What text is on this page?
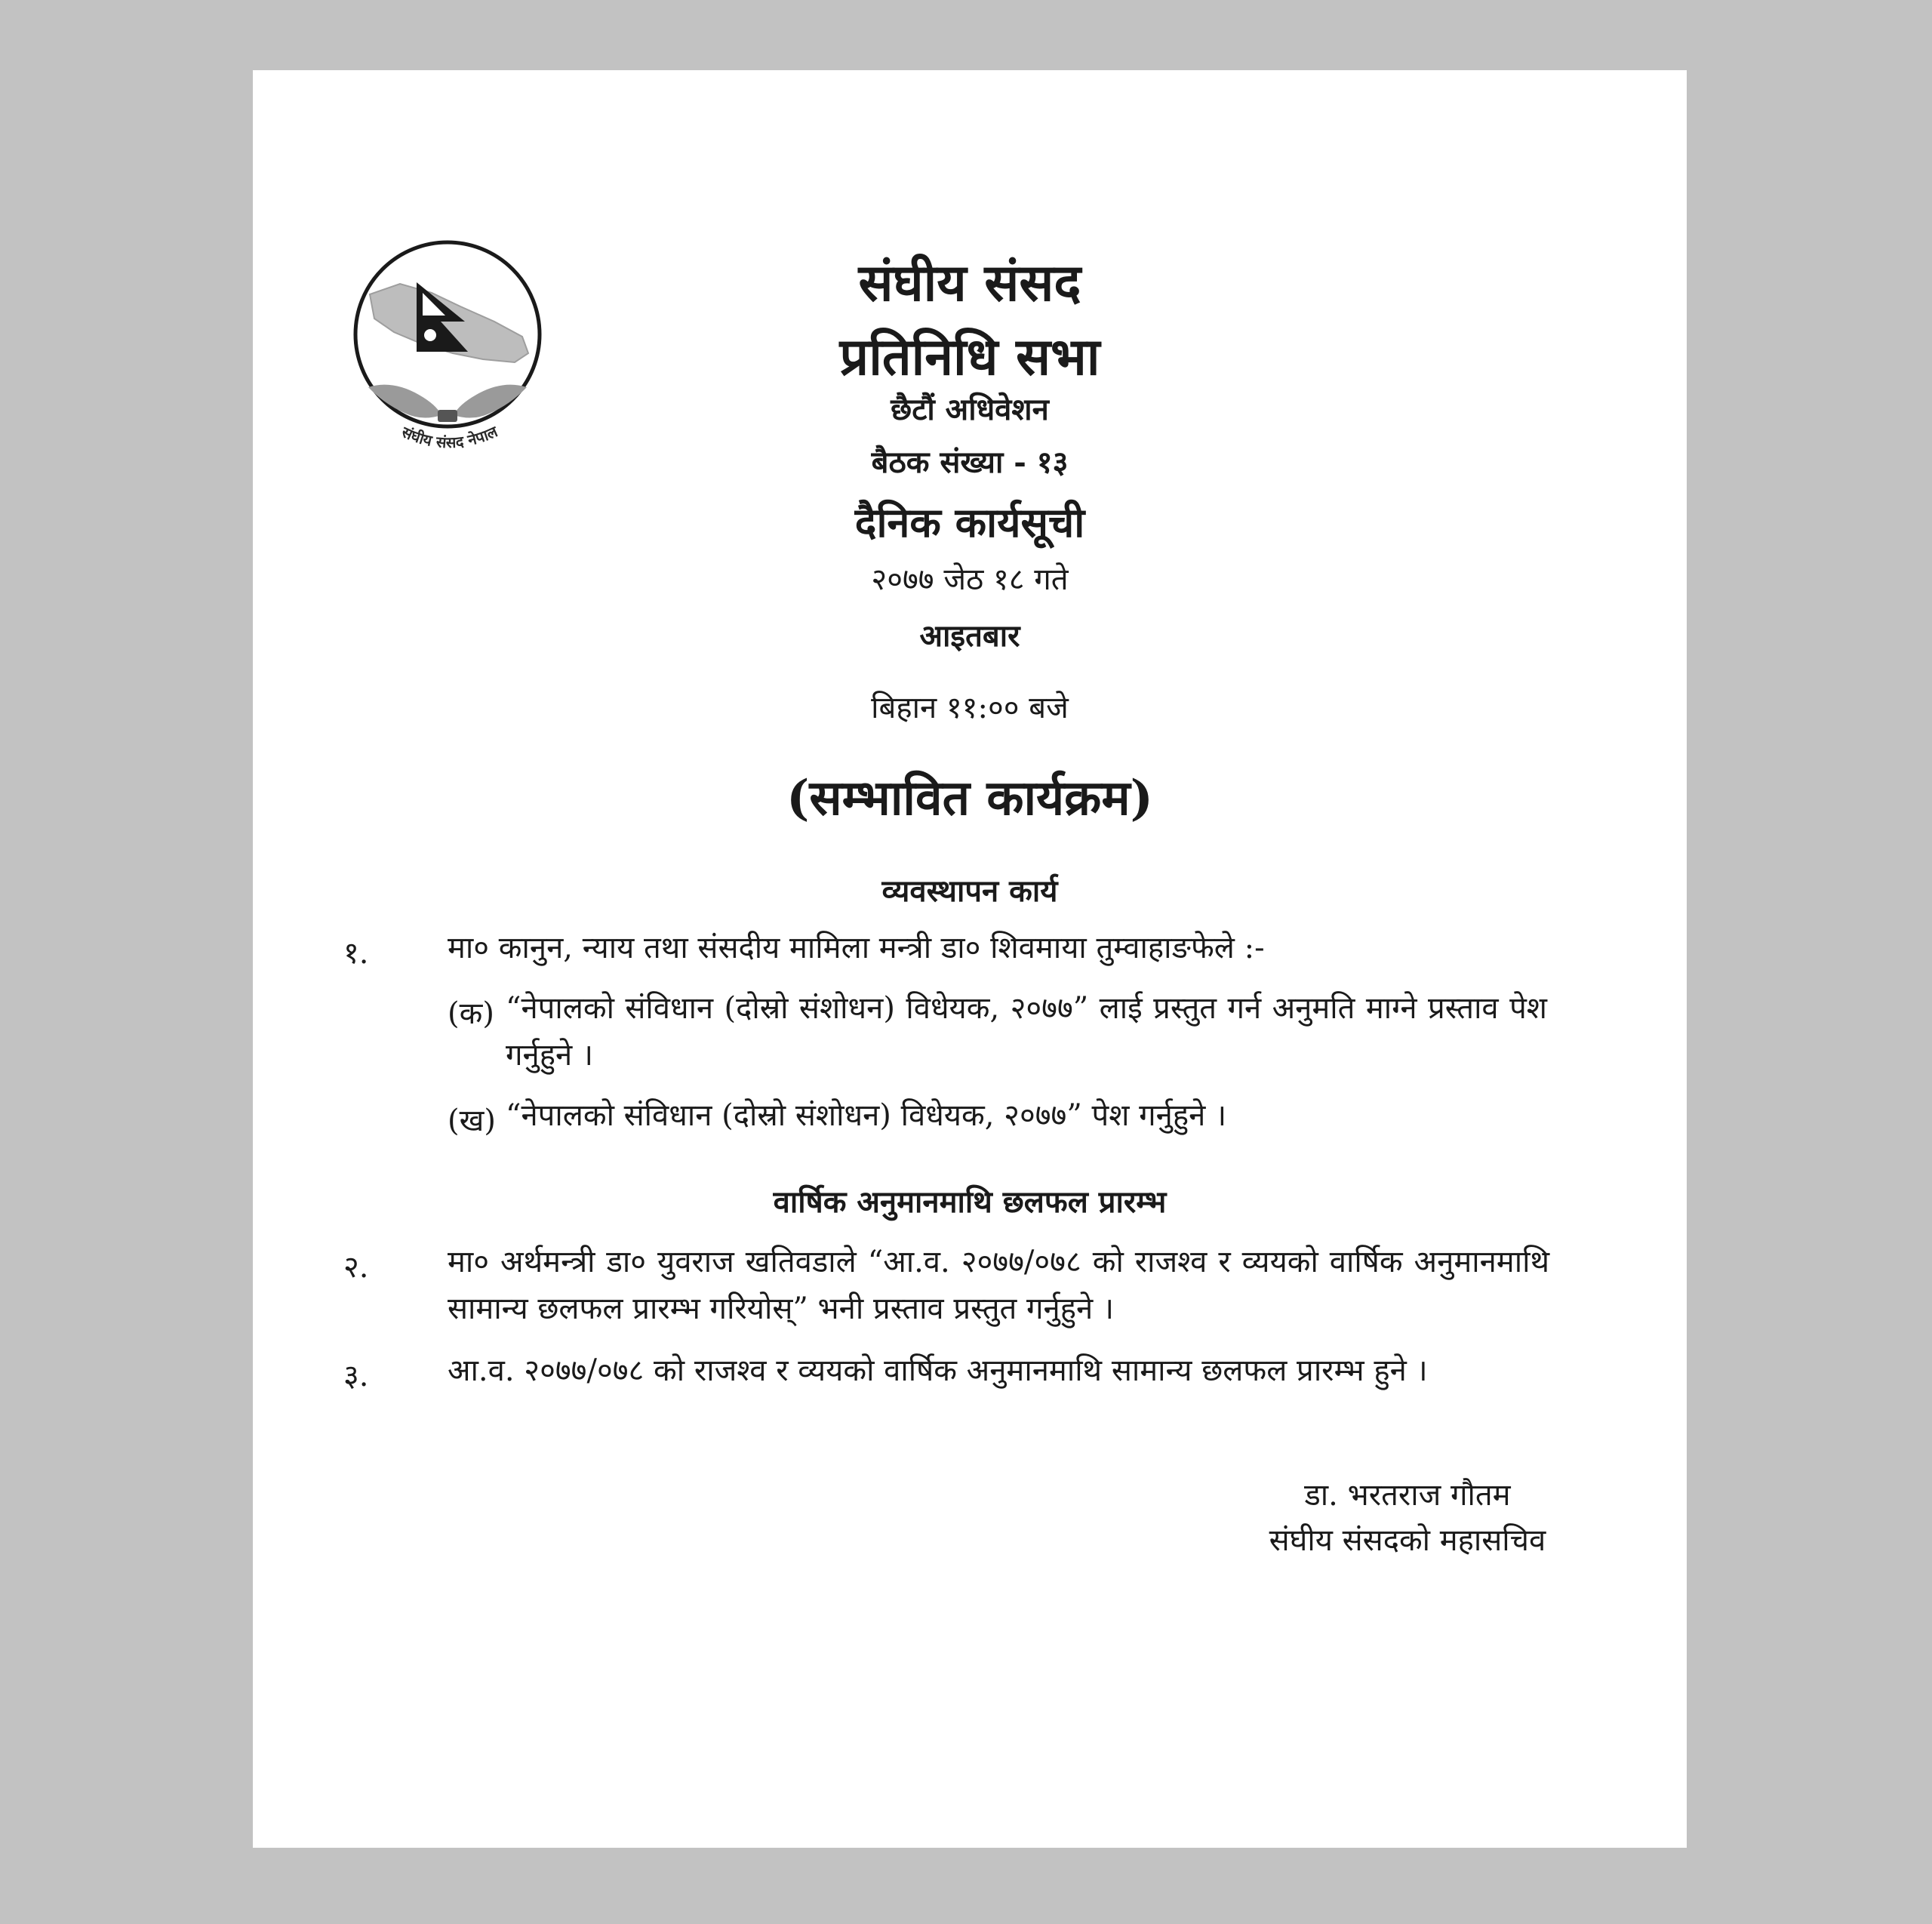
संघीय संसद नेपाल
संघीय संसद
प्रतिनिधि सभा
छैटौं अधिवेशन
बैठक संख्या - १३
दैनिक कार्यसूची
२०७७ जेठ १८ गते
आइतबार
बिहान ११:०० बजे
(सम्भावित कार्यक्रम)
व्यवस्थापन कार्य
१.	मा० कानुन, न्याय तथा संसदीय मामिला मन्त्री डा० शिवमाया तुम्वाहाङफेले :-
(क) “नेपालको संविधान (दोस्रो संशोधन) विधेयक, २०७७” लाई प्रस्तुत गर्न अनुमति माग्ने प्रस्ताव पेश गर्नुहुने ।
(ख) “नेपालको संविधान (दोस्रो संशोधन) विधेयक, २०७७” पेश गर्नुहुने ।
वार्षिक अनुमानमाथि छलफल प्रारम्भ
२.	मा० अर्थमन्त्री डा० युवराज खतिवडाले “आ.व. २०७७/०७८ को राजश्व र व्ययको वार्षिक अनुमानमाथि सामान्य छलफल प्रारम्भ गरियोस्” भनी प्रस्ताव प्रस्तुत गर्नुहुने ।
३.	आ.व. २०७७/०७८ को राजश्व र व्ययको वार्षिक अनुमानमाथि सामान्य छलफल प्रारम्भ हुने ।
डा. भरतराज गौतम
संघीय संसदको महासचिव
